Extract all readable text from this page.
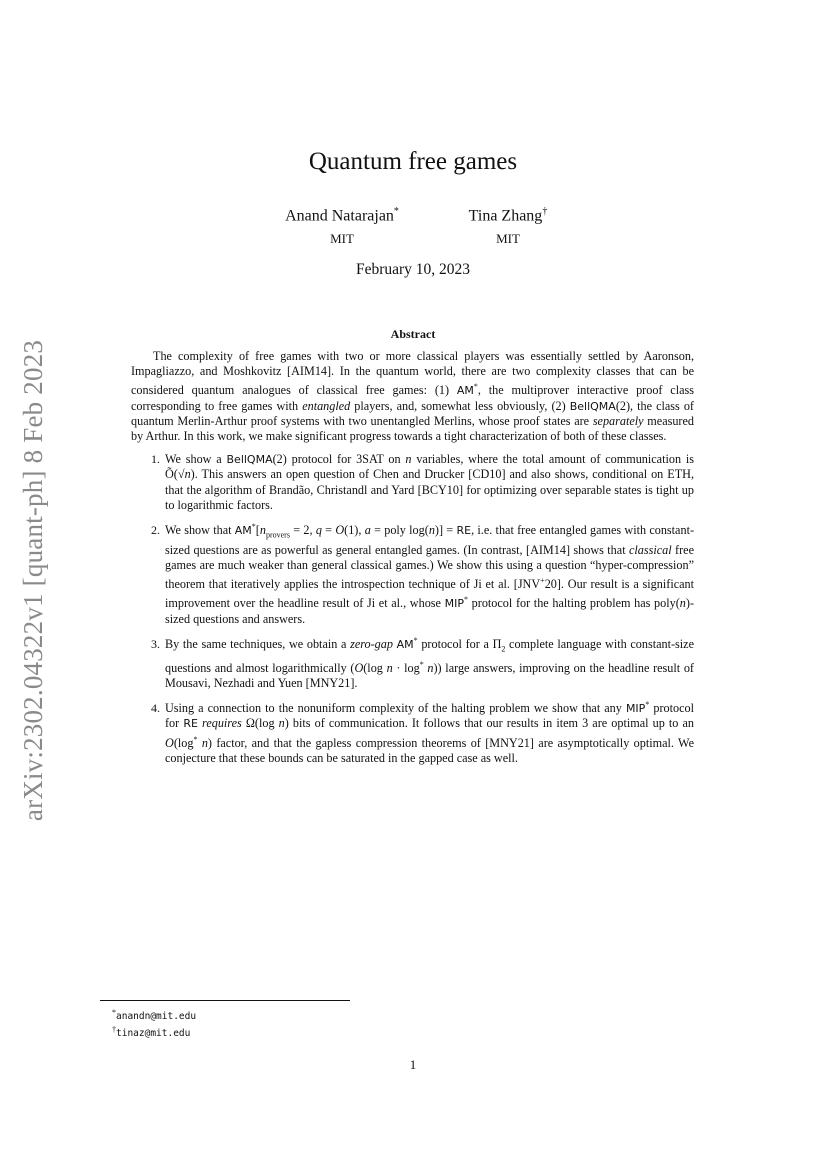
arXiv:2302.04322v1 [quant-ph] 8 Feb 2023
Quantum free games
Anand Natarajan*
MIT
Tina Zhang†
MIT
February 10, 2023
Abstract

The complexity of free games with two or more classical players was essentially settled by Aaronson, Impagliazzo, and Moshkovitz [AIM14]. In the quantum world, there are two complexity classes that can be considered quantum analogues of classical free games: (1) AM*, the multiprover interactive proof class corresponding to free games with entangled players, and, somewhat less obviously, (2) BellQMA(2), the class of quantum Merlin-Arthur proof systems with two unentangled Merlins, whose proof states are separately measured by Arthur. In this work, we make significant progress towards a tight characterization of both of these classes.

1. We show a BellQMA(2) protocol for 3SAT on n variables, where the total amount of communication is Õ(√n). This answers an open question of Chen and Drucker [CD10] and also shows, conditional on ETH, that the algorithm of Brandão, Christandl and Yard [BCY10] for optimizing over separable states is tight up to logarithmic factors.
2. We show that $AM^*[n_{provers} = 2$, q = O(1), a = poly log(n)] = RE, i.e. that free entangled games with constant-sized questions are as powerful as general entangled games. (In contrast, [AIM14] shows that classical free games are much weaker than general classical games.) We show this using a question “hyper-compression” theorem that iteratively applies the introspection technique of Ji et al. [JNV+20]. Our result is a significant improvement over the headline result of Ji et al., whose MIP* protocol for the halting problem has poly(n)-sized questions and answers.
3. By the same techniques, we obtain a zero-gap AM* protocol for a $\Pi_2$ complete language with constant-size questions and almost logarithmically (O(log n · log* n)) large answers, improving on the headline result of Mousavi, Nezhadi and Yuen [MNY21].
4. Using a connection to the nonuniform complexity of the halting problem we show that any MIP* protocol for RE requires Ω(log n) bits of communication. It follows that our results in item 3 are optimal up to an O(log* n) factor, and that the gapless compression theorems of [MNY21] are asymptotically optimal. We conjecture that these bounds can be saturated in the gapped case as well.
*anandn@mit.edu
†tinaz@mit.edu
1
